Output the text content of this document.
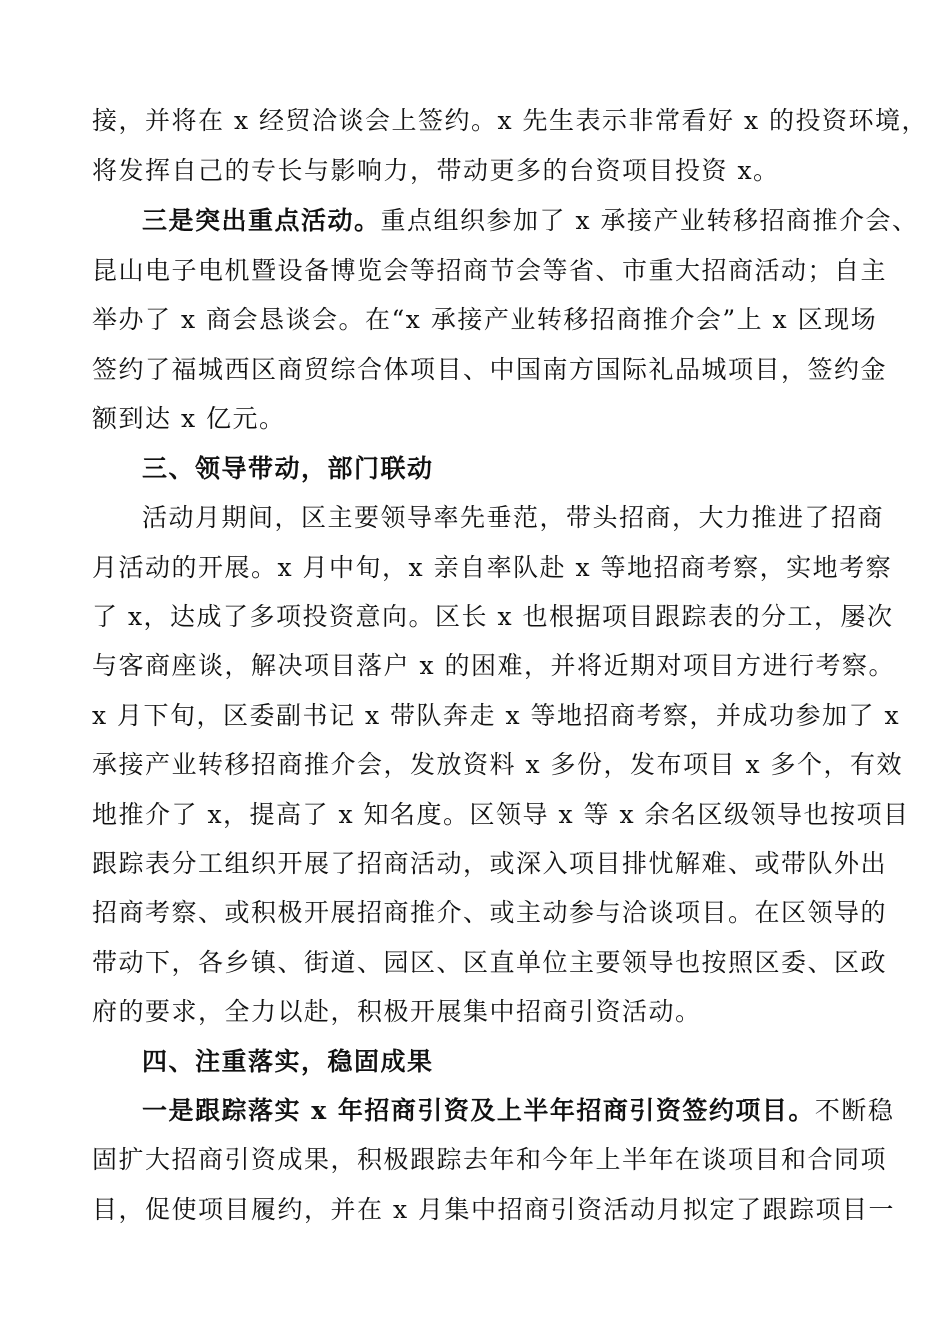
接，并将在 x 经贸洽谈会上签约。x 先生表示非常看好 x 的投资环境，
将发挥自己的专长与影响力，带动更多的台资项目投资 x。
三是突出重点活动。重点组织参加了 x 承接产业转移招商推介会、
昆山电子电机暨设备博览会等招商节会等省、市重大招商活动；自主
举办了 x 商会恳谈会。在“x 承接产业转移招商推介会”上 x 区现场
签约了福城西区商贸综合体项目、中国南方国际礼品城项目，签约金
额到达 x 亿元。
三、领导带动，部门联动
活动月期间，区主要领导率先垂范，带头招商，大力推进了招商
月活动的开展。x 月中旬，x 亲自率队赴 x 等地招商考察，实地考察
了 x，达成了多项投资意向。区长 x 也根据项目跟踪表的分工，屡次
与客商座谈，解决项目落户 x 的困难，并将近期对项目方进行考察。
x 月下旬，区委副书记 x 带队奔走 x 等地招商考察，并成功参加了 x
承接产业转移招商推介会，发放资料 x 多份，发布项目 x 多个，有效
地推介了 x，提高了 x 知名度。区领导 x 等 x 余名区级领导也按项目
跟踪表分工组织开展了招商活动，或深入项目排忧解难、或带队外出
招商考察、或积极开展招商推介、或主动参与洽谈项目。在区领导的
带动下，各乡镇、街道、园区、区直单位主要领导也按照区委、区政
府的要求，全力以赴，积极开展集中招商引资活动。
四、注重落实，稳固成果
一是跟踪落实 x 年招商引资及上半年招商引资签约项目。不断稳
固扩大招商引资成果，积极跟踪去年和今年上半年在谈项目和合同项
目，促使项目履约，并在 x 月集中招商引资活动月拟定了跟踪项目一
